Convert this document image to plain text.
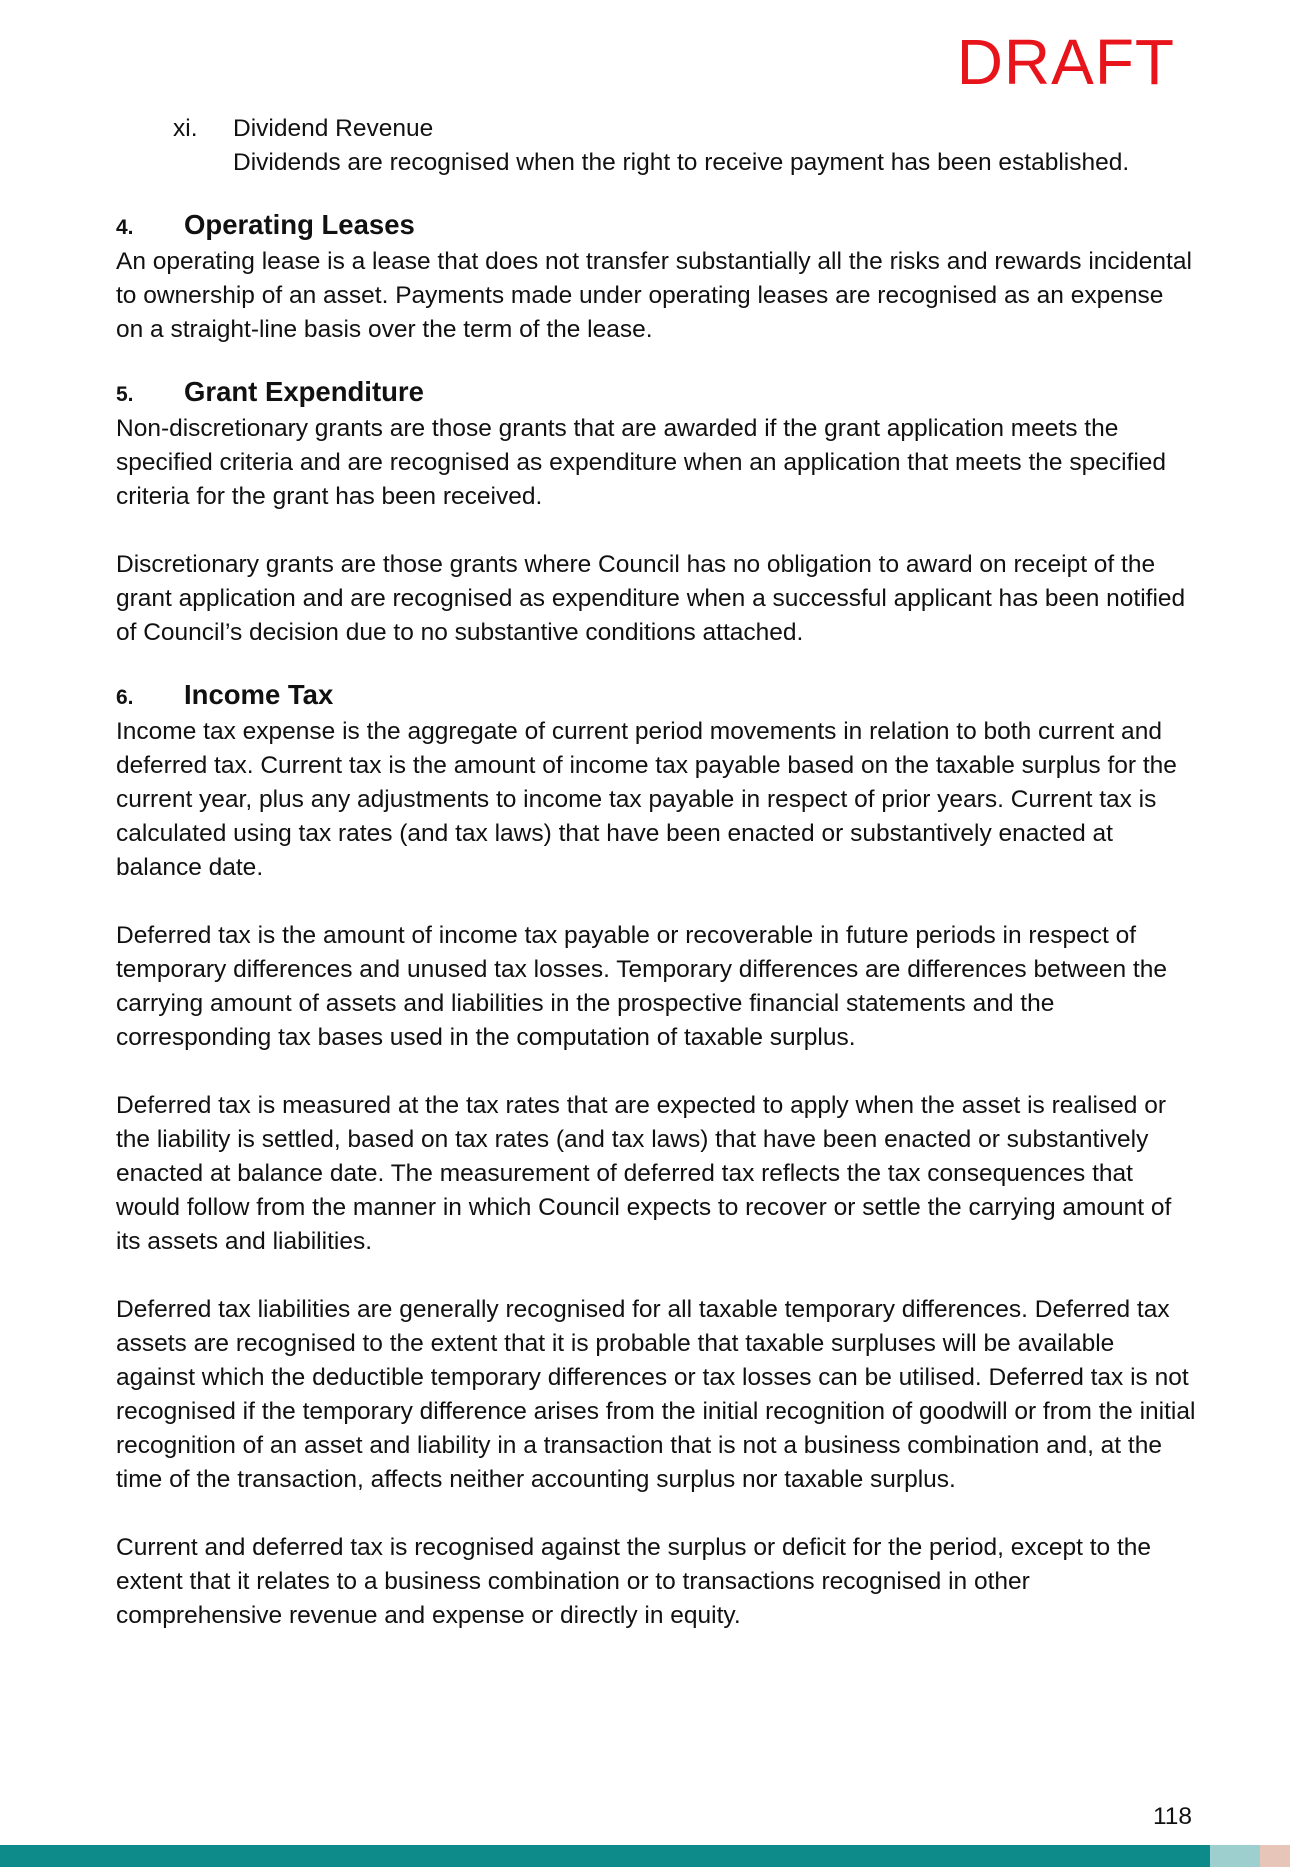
DRAFT
xi. Dividend Revenue

Dividends are recognised when the right to receive payment has been established.

4.	Operating Leases

An operating lease is a lease that does not transfer substantially all the risks and rewards incidental to ownership of an asset. Payments made under operating leases are recognised as an expense on a straight-line basis over the term of the lease.

5.	Grant Expenditure

Non-discretionary grants are those grants that are awarded if the grant application meets the specified criteria and are recognised as expenditure when an application that meets the specified criteria for the grant has been received.

Discretionary grants are those grants where Council has no obligation to award on receipt of the grant application and are recognised as expenditure when a successful applicant has been notified of Council’s decision due to no substantive conditions attached.

6.	Income Tax

Income tax expense is the aggregate of current period movements in relation to both current and deferred tax. Current tax is the amount of income tax payable based on the taxable surplus for the current year, plus any adjustments to income tax payable in respect of prior years. Current tax is calculated using tax rates (and tax laws) that have been enacted or substantively enacted at balance date.

Deferred tax is the amount of income tax payable or recoverable in future periods in respect of temporary differences and unused tax losses. Temporary differences are differences between the carrying amount of assets and liabilities in the prospective financial statements and the corresponding tax bases used in the computation of taxable surplus.

Deferred tax is measured at the tax rates that are expected to apply when the asset is realised or the liability is settled, based on tax rates (and tax laws) that have been enacted or substantively enacted at balance date. The measurement of deferred tax reflects the tax consequences that would follow from the manner in which Council expects to recover or settle the carrying amount of its assets and liabilities.

Deferred tax liabilities are generally recognised for all taxable temporary differences. Deferred tax assets are recognised to the extent that it is probable that taxable surpluses will be available against which the deductible temporary differences or tax losses can be utilised. Deferred tax is not recognised if the temporary difference arises from the initial recognition of goodwill or from the initial recognition of an asset and liability in a transaction that is not a business combination and, at the time of the transaction, affects neither accounting surplus nor taxable surplus.

Current and deferred tax is recognised against the surplus or deficit for the period, except to the extent that it relates to a business combination or to transactions recognised in other comprehensive revenue and expense or directly in equity.

118
